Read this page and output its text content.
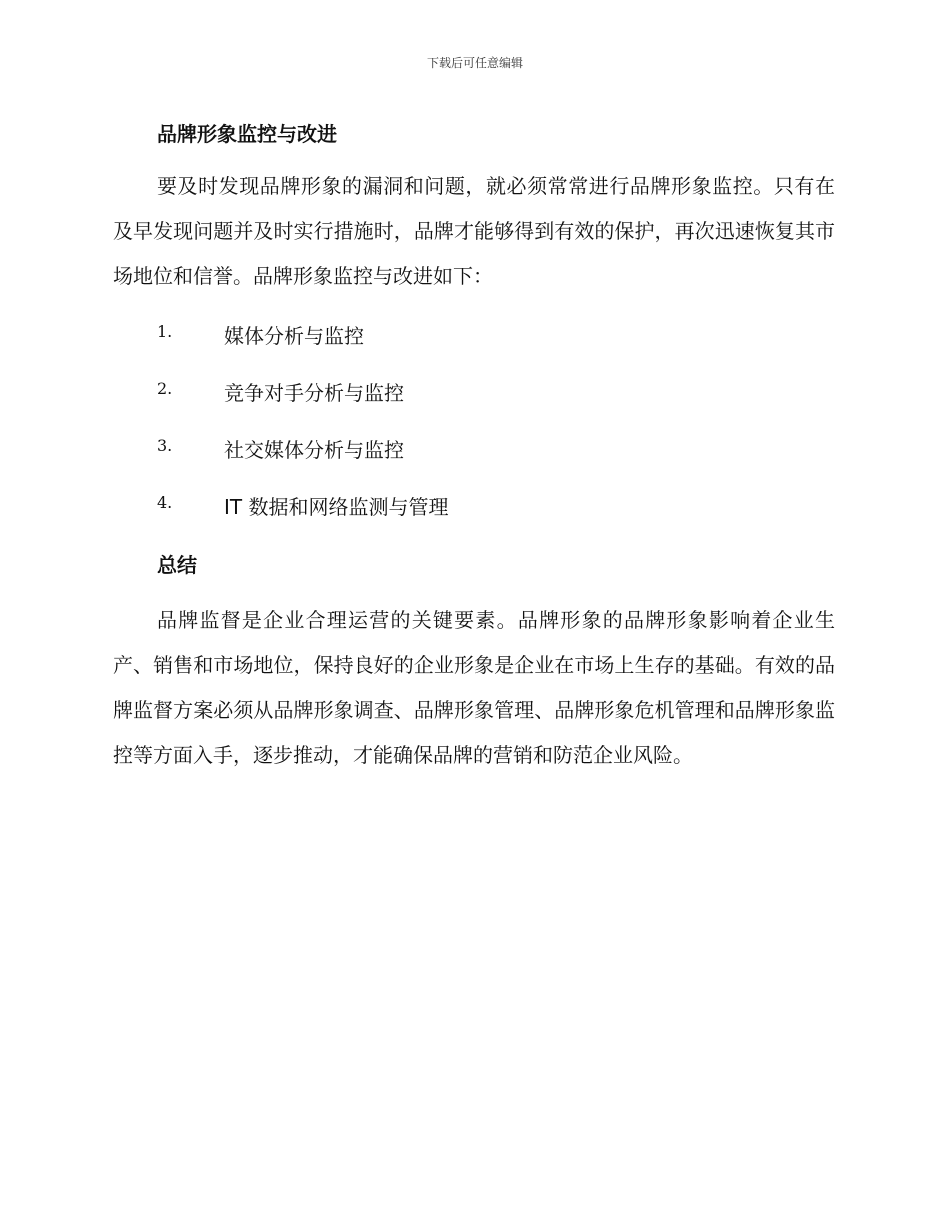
下载后可任意编辑
品牌形象监控与改进
要及时发现品牌形象的漏洞和问题，就必须常常进行品牌形象监控。只有在及早发现问题并及时实行措施时，品牌才能够得到有效的保护，再次迅速恢复其市场地位和信誉。品牌形象监控与改进如下：
1.	媒体分析与监控
2.	竞争对手分析与监控
3.	社交媒体分析与监控
4.	IT 数据和网络监测与管理
总结
品牌监督是企业合理运营的关键要素。品牌形象的品牌形象影响着企业生产、销售和市场地位，保持良好的企业形象是企业在市场上生存的基础。有效的品牌监督方案必须从品牌形象调查、品牌形象管理、品牌形象危机管理和品牌形象监控等方面入手，逐步推动，才能确保品牌的营销和防范企业风险。
